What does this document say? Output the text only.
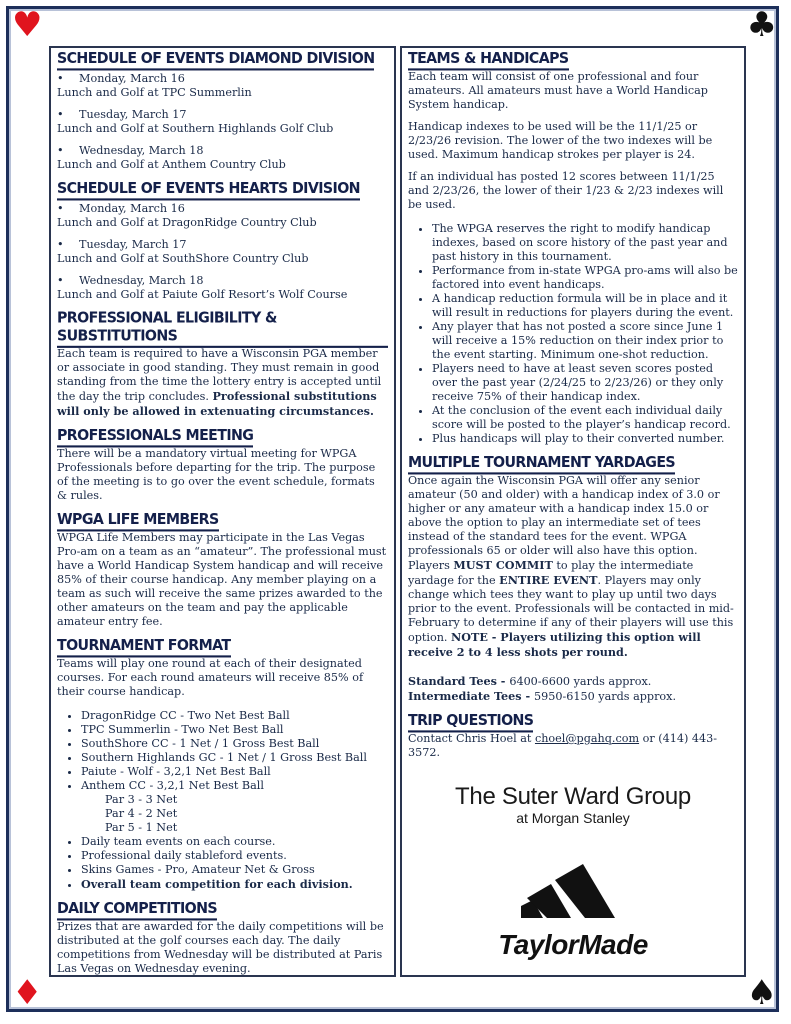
♥	♣
♦	♠
SCHEDULE OF EVENTS DIAMOND DIVISION
• Monday, March 16
Lunch and Golf at TPC Summerlin
• Tuesday, March 17
Lunch and Golf at Southern Highlands Golf Club
• Wednesday, March 18
Lunch and Golf at Anthem Country Club
SCHEDULE OF EVENTS HEARTS DIVISION
• Monday, March 16
Lunch and Golf at DragonRidge Country Club
• Tuesday, March 17
Lunch and Golf at SouthShore Country Club
• Wednesday, March 18
Lunch and Golf at Paiute Golf Resort’s Wolf Course
PROFESSIONAL ELIGIBILITY & SUBSTITUTIONS

Each team is required to have a Wisconsin PGA member or associate in good standing. They must remain in good standing from the time the lottery entry is accepted until the day the trip concludes. Professional substitutions will only be allowed in extenuating circumstances.

PROFESSIONALS MEETING

There will be a mandatory virtual meeting for WPGA Professionals before departing for the trip. The purpose of the meeting is to go over the event schedule, formats & rules.

WPGA LIFE MEMBERS

WPGA Life Members may participate in the Las Vegas Pro-am on a team as an “amateur”. The professional must have a World Handicap System handicap and will receive 85% of their course handicap. Any member playing on a team as such will receive the same prizes awarded to the other amateurs on the team and pay the applicable amateur entry fee.

TOURNAMENT FORMAT

Teams will play one round at each of their designated courses. For each round amateurs will receive 85% of their course handicap.

• DragonRidge CC - Two Net Best Ball
• TPC Summerlin - Two Net Best Ball
• SouthShore CC - 1 Net / 1 Gross Best Ball
• Southern Highlands GC - 1 Net / 1 Gross Best Ball
• Paiute - Wolf - 3,2,1 Net Best Ball
• Anthem CC - 3,2,1 Net Best Ball
Par 3 - 3 Net
Par 4 - 2 Net
Par 5 - 1 Net
• Daily team events on each course.
• Professional daily stableford events.
• Skins Games - Pro, Amateur Net & Gross
• Overall team competition for each division.
DAILY COMPETITIONS

Prizes that are awarded for the daily competitions will be distributed at the golf courses each day. The daily competitions from Wednesday will be distributed at Paris Las Vegas on Wednesday evening.

TEAMS & HANDICAPS

Each team will consist of one professional and four amateurs. All amateurs must have a World Handicap System handicap.

Handicap indexes to be used will be the 11/1/25 or 2/23/26 revision. The lower of the two indexes will be used. Maximum handicap strokes per player is 24.

If an individual has posted 12 scores between 11/1/25 and 2/23/26, the lower of their 1/23 & 2/23 indexes will be used.

• The WPGA reserves the right to modify handicap indexes, based on score history of the past year and past history in this tournament.
• Performance from in-state WPGA pro-ams will also be factored into event handicaps.
• A handicap reduction formula will be in place and it will result in reductions for players during the event.
• Any player that has not posted a score since June 1 will receive a 15% reduction on their index prior to the event starting. Minimum one-shot reduction.
• Players need to have at least seven scores posted over the past year (2/24/25 to 2/23/26) or they only receive 75% of their handicap index.
• At the conclusion of the event each individual daily score will be posted to the player’s handicap record.
• Plus handicaps will play to their converted number.
MULTIPLE TOURNAMENT YARDAGES

Once again the Wisconsin PGA will offer any senior amateur (50 and older) with a handicap index of 3.0 or higher or any amateur with a handicap index 15.0 or above the option to play an intermediate set of tees instead of the standard tees for the event. WPGA professionals 65 or older will also have this option. Players MUST COMMIT to play the intermediate yardage for the ENTIRE EVENT. Players may only change which tees they want to play up until two days prior to the event. Professionals will be contacted in mid-February to determine if any of their players will use this option. NOTE - Players utilizing this option will receive 2 to 4 less shots per round.

Standard Tees - 6400-6600 yards approx.
Intermediate Tees - 5950-6150 yards approx.
TRIP QUESTIONS

Contact Chris Hoel at choel@pgahq.com or (414) 443-3572.

The Suter Ward Group
at Morgan Stanley
TaylorMade
